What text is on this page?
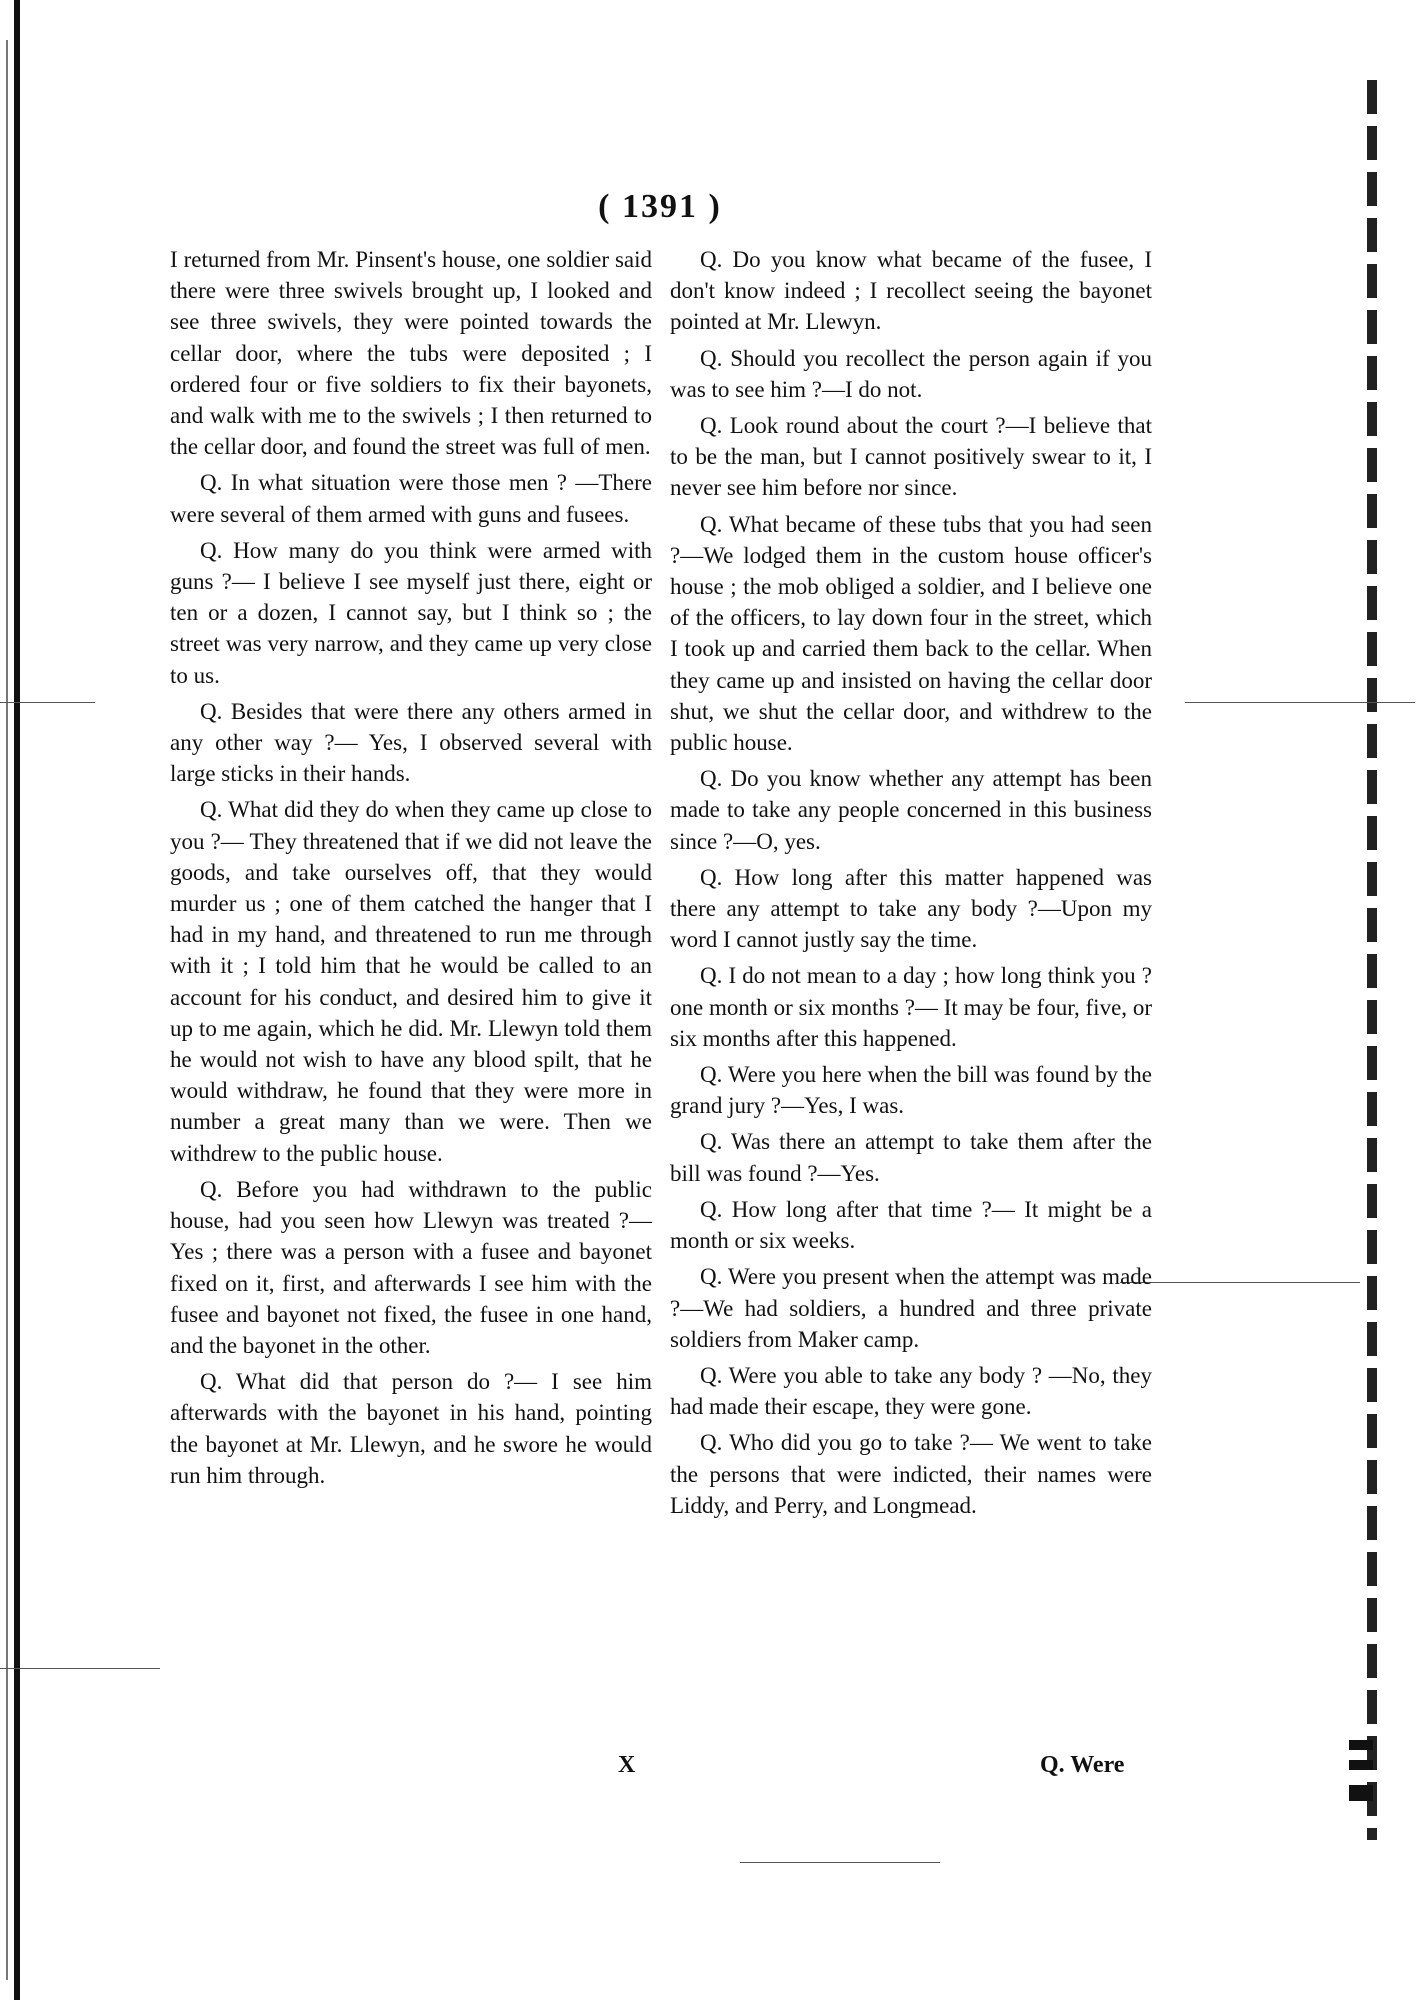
( 1391 )

I returned from Mr. Pinsent's house, one soldier said there were three swivels brought up, I looked and see three swivels, they were pointed towards the cellar door, where the tubs were deposited ; I ordered four or five soldiers to fix their bayonets, and walk with me to the swivels ; I then returned to the cellar door, and found the street was full of men.

Q. In what situation were those men ? —There were several of them armed with guns and fusees.

Q. How many do you think were armed with guns ?— I believe I see myself just there, eight or ten or a dozen, I cannot say, but I think so ; the street was very narrow, and they came up very close to us.

Q. Besides that were there any others armed in any other way ?— Yes, I observed several with large sticks in their hands.

Q. What did they do when they came up close to you ?— They threatened that if we did not leave the goods, and take ourselves off, that they would murder us ; one of them catched the hanger that I had in my hand, and threatened to run me through with it ; I told him that he would be called to an account for his conduct, and desired him to give it up to me again, which he did. Mr. Llewyn told them he would not wish to have any blood spilt, that he would withdraw, he found that they were more in number a great many than we were. Then we withdrew to the public house.

Q. Before you had withdrawn to the public house, had you seen how Llewyn was treated ?—Yes ; there was a person with a fusee and bayonet fixed on it, first, and afterwards I see him with the fusee and bayonet not fixed, the fusee in one hand, and the bayonet in the other.

Q. What did that person do ?— I see him afterwards with the bayonet in his hand, pointing the bayonet at Mr. Llewyn, and he swore he would run him through.

Q. Do you know what became of the fusee, I don't know indeed ; I recollect seeing the bayonet pointed at Mr. Llewyn.

Q. Should you recollect the person again if you was to see him ?—I do not.

Q. Look round about the court ?—I believe that to be the man, but I cannot positively swear to it, I never see him before nor since.

Q. What became of these tubs that you had seen ?—We lodged them in the custom house officer's house ; the mob obliged a soldier, and I believe one of the officers, to lay down four in the street, which I took up and carried them back to the cellar. When they came up and insisted on having the cellar door shut, we shut the cellar door, and withdrew to the public house.

Q. Do you know whether any attempt has been made to take any people concerned in this business since ?—O, yes.

Q. How long after this matter happened was there any attempt to take any body ?—Upon my word I cannot justly say the time.

Q. I do not mean to a day ; how long think you ? one month or six months ?— It may be four, five, or six months after this happened.

Q. Were you here when the bill was found by the grand jury ?—Yes, I was.

Q. Was there an attempt to take them after the bill was found ?—Yes.

Q. How long after that time ?— It might be a month or six weeks.

Q. Were you present when the attempt was made ?—We had soldiers, a hundred and three private soldiers from Maker camp.

Q. Were you able to take any body ? —No, they had made their escape, they were gone.

Q. Who did you go to take ?— We went to take the persons that were indicted, their names were Liddy, and Perry, and Longmead.

X	Q. Were
